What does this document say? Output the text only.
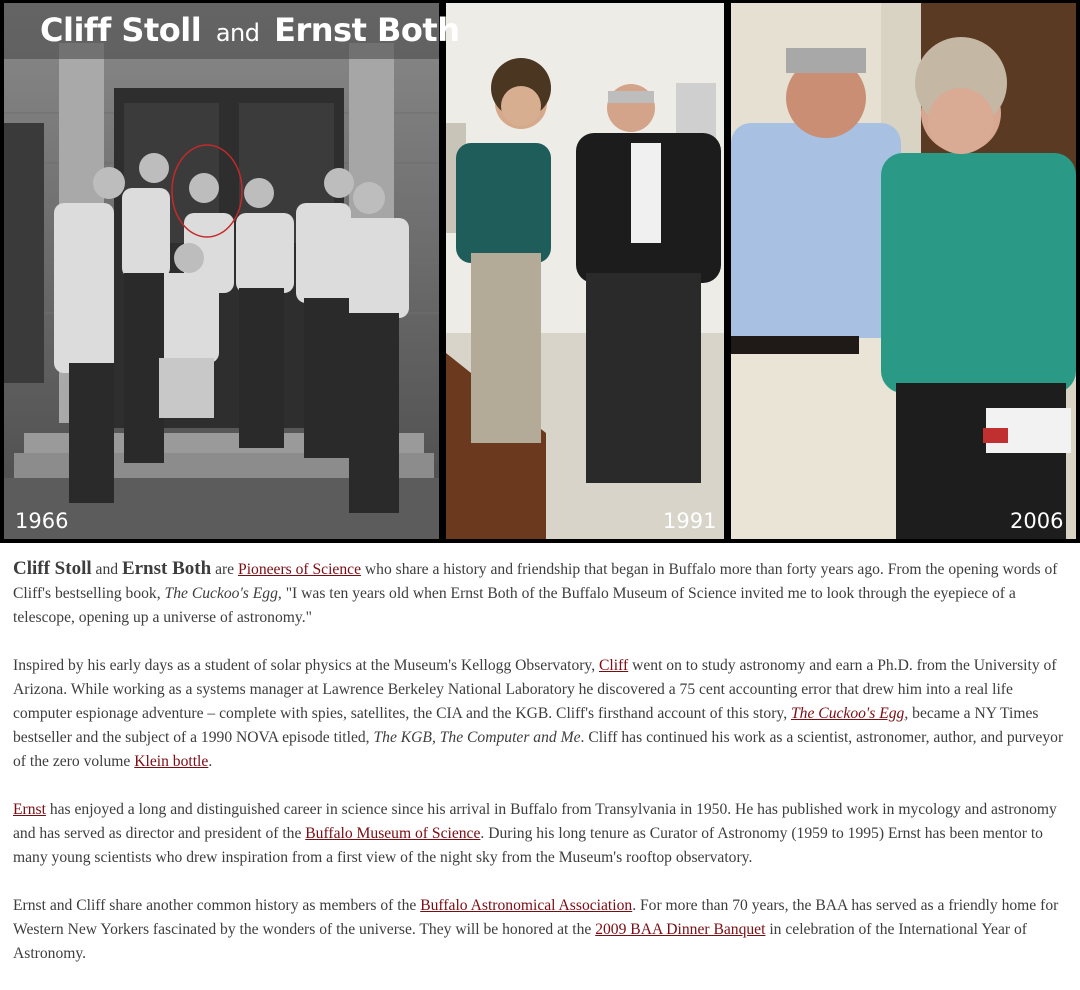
Cliff Stoll and Ernst Both
1966	1991	2006

Cliff Stoll and Ernst Both are Pioneers of Science who share a history and friendship that began in Buffalo more than forty years ago. From the opening words of Cliff's bestselling book, The Cuckoo's Egg, "I was ten years old when Ernst Both of the Buffalo Museum of Science invited me to look through the eyepiece of a telescope, opening up a universe of astronomy."

Inspired by his early days as a student of solar physics at the Museum's Kellogg Observatory, Cliff went on to study astronomy and earn a Ph.D. from the University of Arizona. While working as a systems manager at Lawrence Berkeley National Laboratory he discovered a 75 cent accounting error that drew him into a real life computer espionage adventure – complete with spies, satellites, the CIA and the KGB. Cliff's firsthand account of this story, The Cuckoo's Egg, became a NY Times bestseller and the subject of a 1990 NOVA episode titled, The KGB, The Computer and Me. Cliff has continued his work as a scientist, astronomer, author, and purveyor of the zero volume Klein bottle.

Ernst has enjoyed a long and distinguished career in science since his arrival in Buffalo from Transylvania in 1950. He has published work in mycology and astronomy and has served as director and president of the Buffalo Museum of Science. During his long tenure as Curator of Astronomy (1959 to 1995) Ernst has been mentor to many young scientists who drew inspiration from a first view of the night sky from the Museum's rooftop observatory.

Ernst and Cliff share another common history as members of the Buffalo Astronomical Association. For more than 70 years, the BAA has served as a friendly home for Western New Yorkers fascinated by the wonders of the universe. They will be honored at the 2009 BAA Dinner Banquet in celebration of the International Year of Astronomy.
